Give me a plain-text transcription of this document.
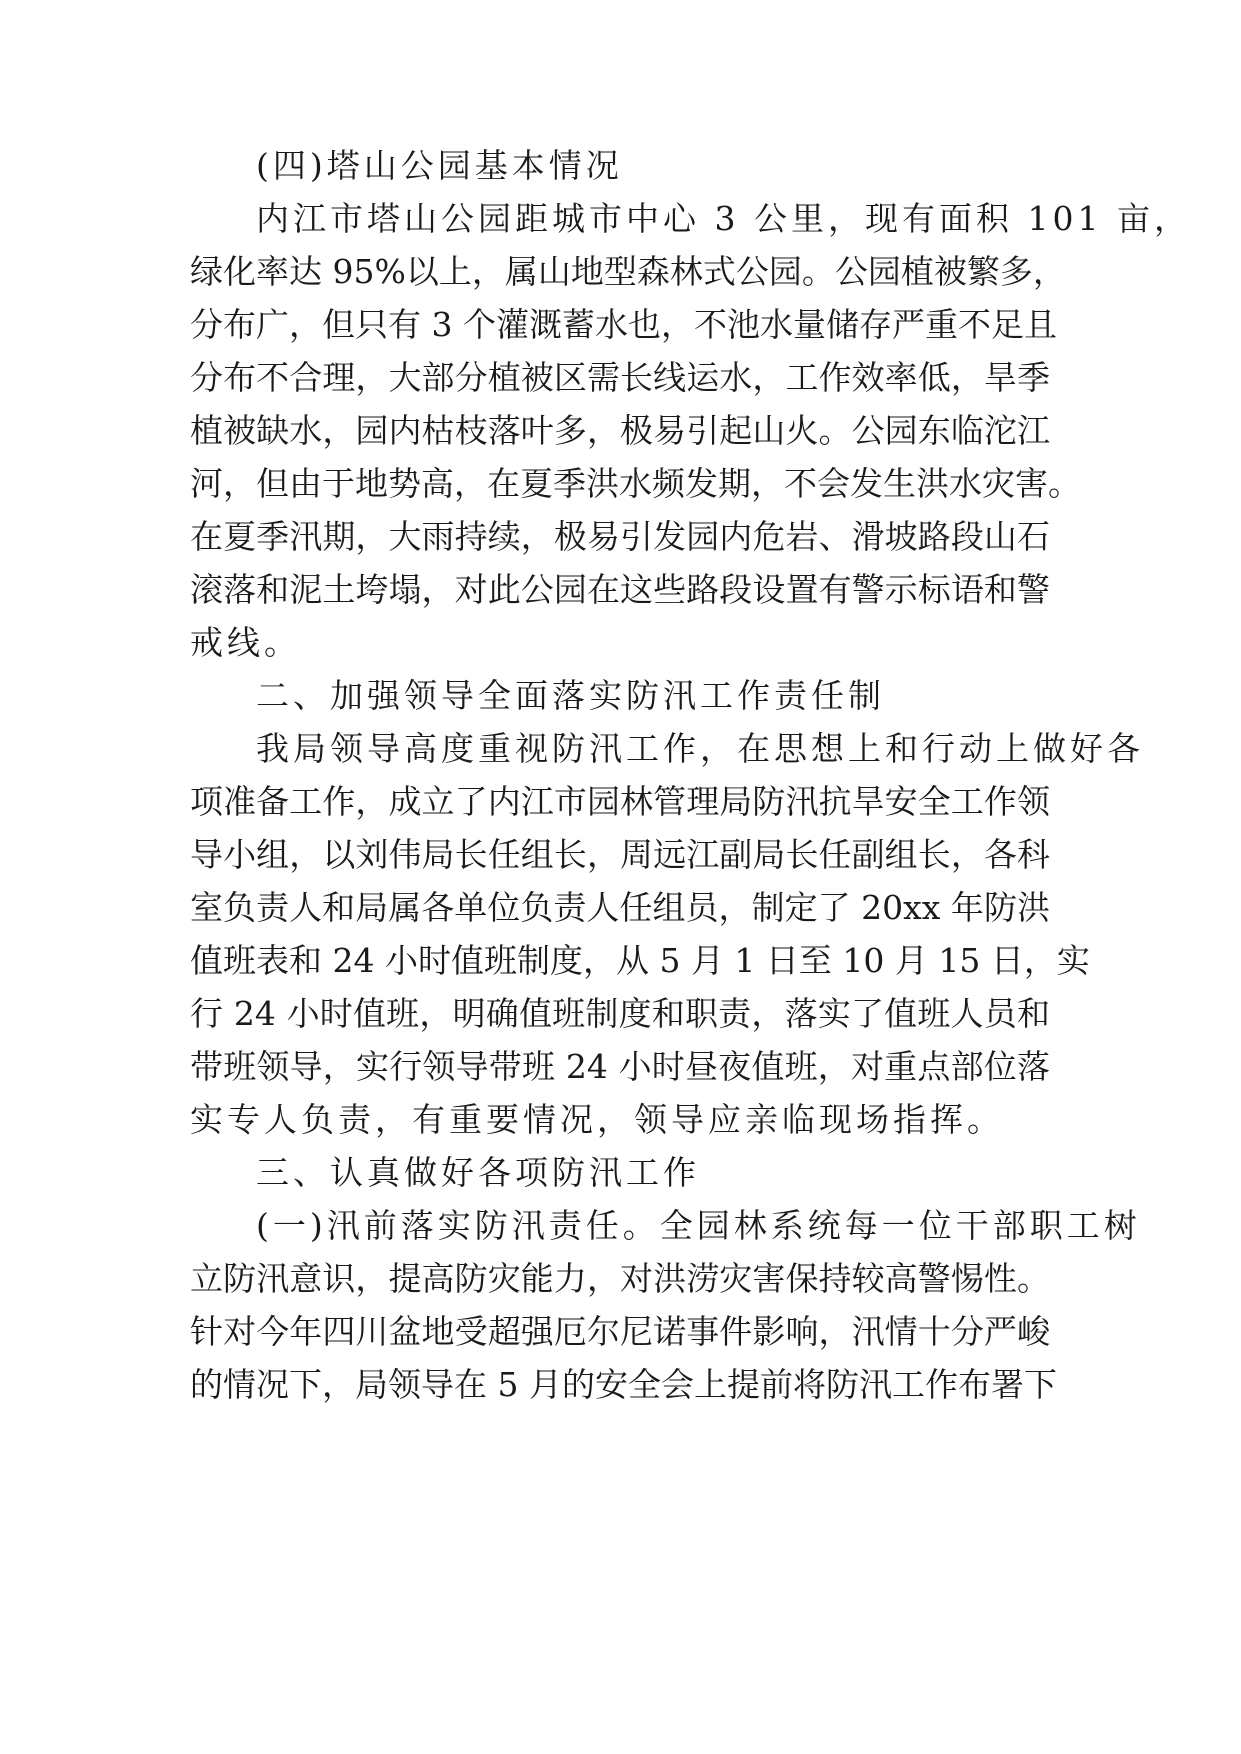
(四)塔山公园基本情况
内江市塔山公园距城市中心 3 公里，现有面积 101 亩，
绿化率达 95%以上，属山地型森林式公园。公园植被繁多，
分布广，但只有 3 个灌溉蓄水也，不池水量储存严重不足且
分布不合理，大部分植被区需长线运水，工作效率低，旱季
植被缺水，园内枯枝落叶多，极易引起山火。公园东临沱江
河，但由于地势高，在夏季洪水频发期，不会发生洪水灾害。
在夏季汛期，大雨持续，极易引发园内危岩、滑坡路段山石
滚落和泥土垮塌，对此公园在这些路段设置有警示标语和警
戒线。
二、加强领导全面落实防汛工作责任制
我局领导高度重视防汛工作，在思想上和行动上做好各
项准备工作，成立了内江市园林管理局防汛抗旱安全工作领
导小组，以刘伟局长任组长，周远江副局长任副组长，各科
室负责人和局属各单位负责人任组员，制定了 20xx 年防洪
值班表和 24 小时值班制度，从 5 月 1 日至 10 月 15 日，实
行 24 小时值班，明确值班制度和职责，落实了值班人员和
带班领导，实行领导带班 24 小时昼夜值班，对重点部位落
实专人负责，有重要情况，领导应亲临现场指挥。
三、认真做好各项防汛工作
(一)汛前落实防汛责任。全园林系统每一位干部职工树
立防汛意识，提高防灾能力，对洪涝灾害保持较高警惕性。
针对今年四川盆地受超强厄尔尼诺事件影响，汛情十分严峻
的情况下，局领导在 5 月的安全会上提前将防汛工作布署下
